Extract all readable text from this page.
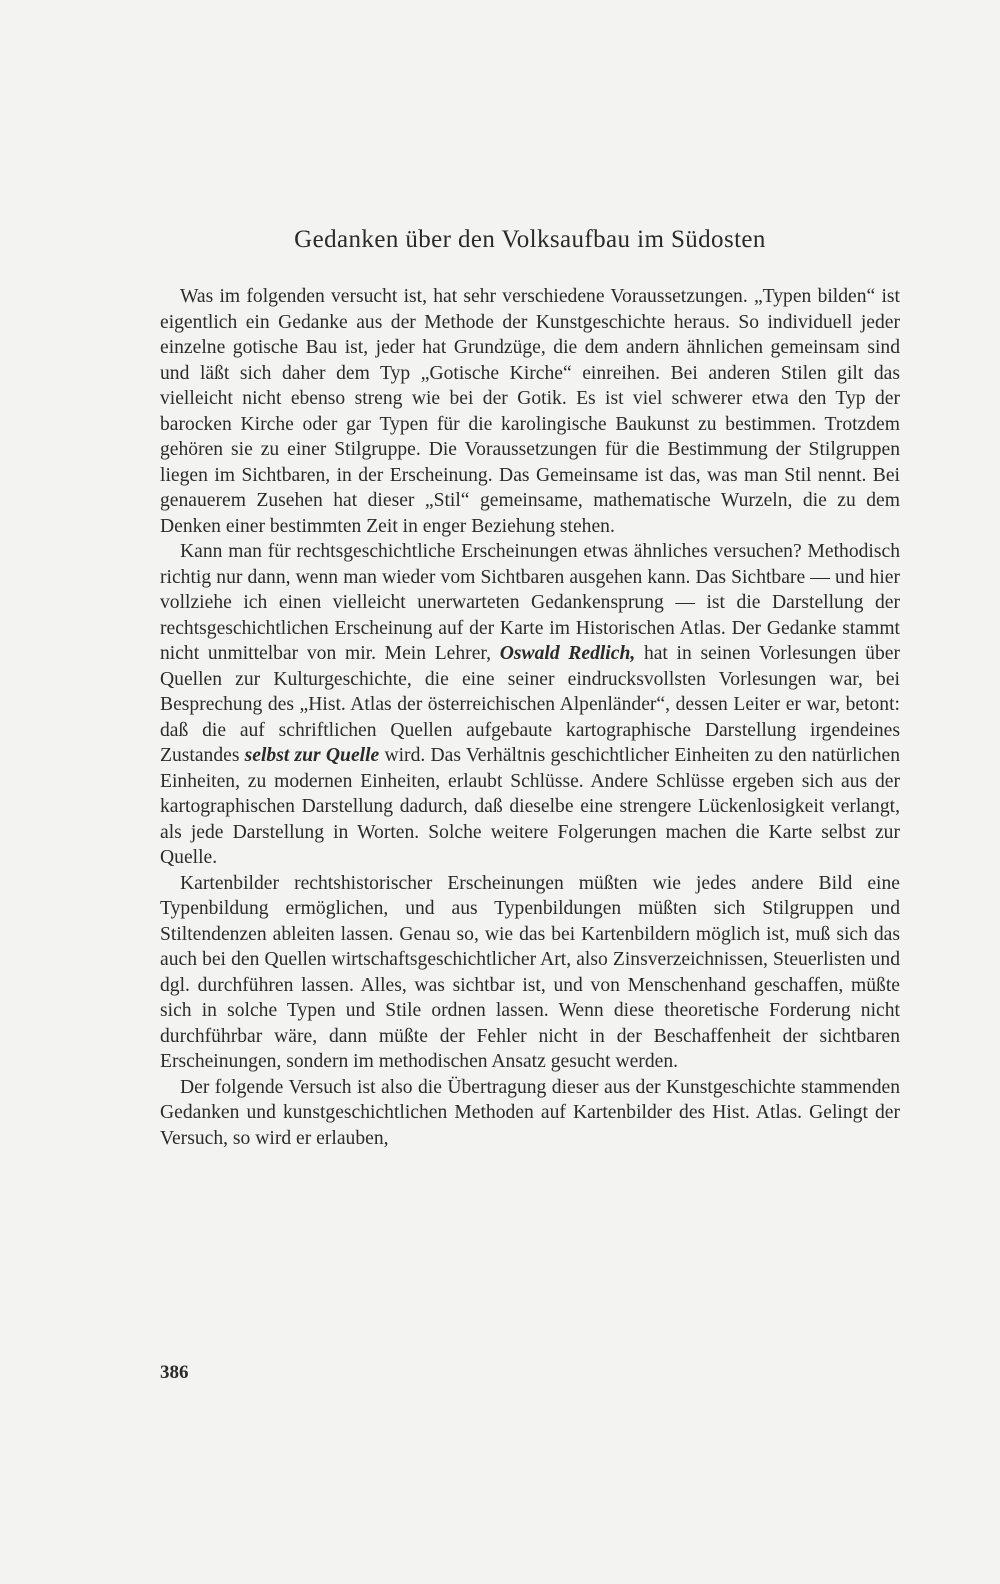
Gedanken über den Volksaufbau im Südosten

Was im folgenden versucht ist, hat sehr verschiedene Voraussetzungen. „Typen bilden“ ist eigentlich ein Gedanke aus der Methode der Kunstgeschichte heraus. So individuell jeder einzelne gotische Bau ist, jeder hat Grundzüge, die dem andern ähnlichen gemeinsam sind und läßt sich daher dem Typ „Gotische Kirche“ einreihen. Bei anderen Stilen gilt das vielleicht nicht ebenso streng wie bei der Gotik. Es ist viel schwerer etwa den Typ der barocken Kirche oder gar Typen für die karolingische Baukunst zu bestimmen. Trotzdem gehören sie zu einer Stilgruppe. Die Voraussetzungen für die Bestimmung der Stilgruppen liegen im Sichtbaren, in der Erscheinung. Das Gemeinsame ist das, was man Stil nennt. Bei genauerem Zusehen hat dieser „Stil“ gemeinsame, mathematische Wurzeln, die zu dem Denken einer bestimmten Zeit in enger Beziehung stehen.

Kann man für rechtsgeschichtliche Erscheinungen etwas ähnliches versuchen? Methodisch richtig nur dann, wenn man wieder vom Sichtbaren ausgehen kann. Das Sichtbare — und hier vollziehe ich einen vielleicht unerwarteten Gedankensprung — ist die Darstellung der rechtsgeschichtlichen Erscheinung auf der Karte im Historischen Atlas. Der Gedanke stammt nicht unmittelbar von mir. Mein Lehrer, Oswald Redlich, hat in seinen Vorlesungen über Quellen zur Kulturgeschichte, die eine seiner eindrucksvollsten Vorlesungen war, bei Besprechung des „Hist. Atlas der österreichischen Alpenländer“, dessen Leiter er war, betont: daß die auf schriftlichen Quellen aufgebaute kartographische Darstellung irgendeines Zustandes selbst zur Quelle wird. Das Verhältnis geschichtlicher Einheiten zu den natürlichen Einheiten, zu modernen Einheiten, erlaubt Schlüsse. Andere Schlüsse ergeben sich aus der kartographischen Darstellung dadurch, daß dieselbe eine strengere Lückenlosigkeit verlangt, als jede Darstellung in Worten. Solche weitere Folgerungen machen die Karte selbst zur Quelle.

Kartenbilder rechtshistorischer Erscheinungen müßten wie jedes andere Bild eine Typenbildung ermöglichen, und aus Typenbildungen müßten sich Stilgruppen und Stiltendenzen ableiten lassen. Genau so, wie das bei Kartenbildern möglich ist, muß sich das auch bei den Quellen wirtschaftsgeschichtlicher Art, also Zinsverzeichnissen, Steuerlisten und dgl. durchführen lassen. Alles, was sichtbar ist, und von Menschenhand geschaffen, müßte sich in solche Typen und Stile ordnen lassen. Wenn diese theoretische Forderung nicht durchführbar wäre, dann müßte der Fehler nicht in der Beschaffenheit der sichtbaren Erscheinungen, sondern im methodischen Ansatz gesucht werden.

Der folgende Versuch ist also die Übertragung dieser aus der Kunstgeschichte stammenden Gedanken und kunstgeschichtlichen Methoden auf Kartenbilder des Hist. Atlas. Gelingt der Versuch, so wird er erlauben,

386
